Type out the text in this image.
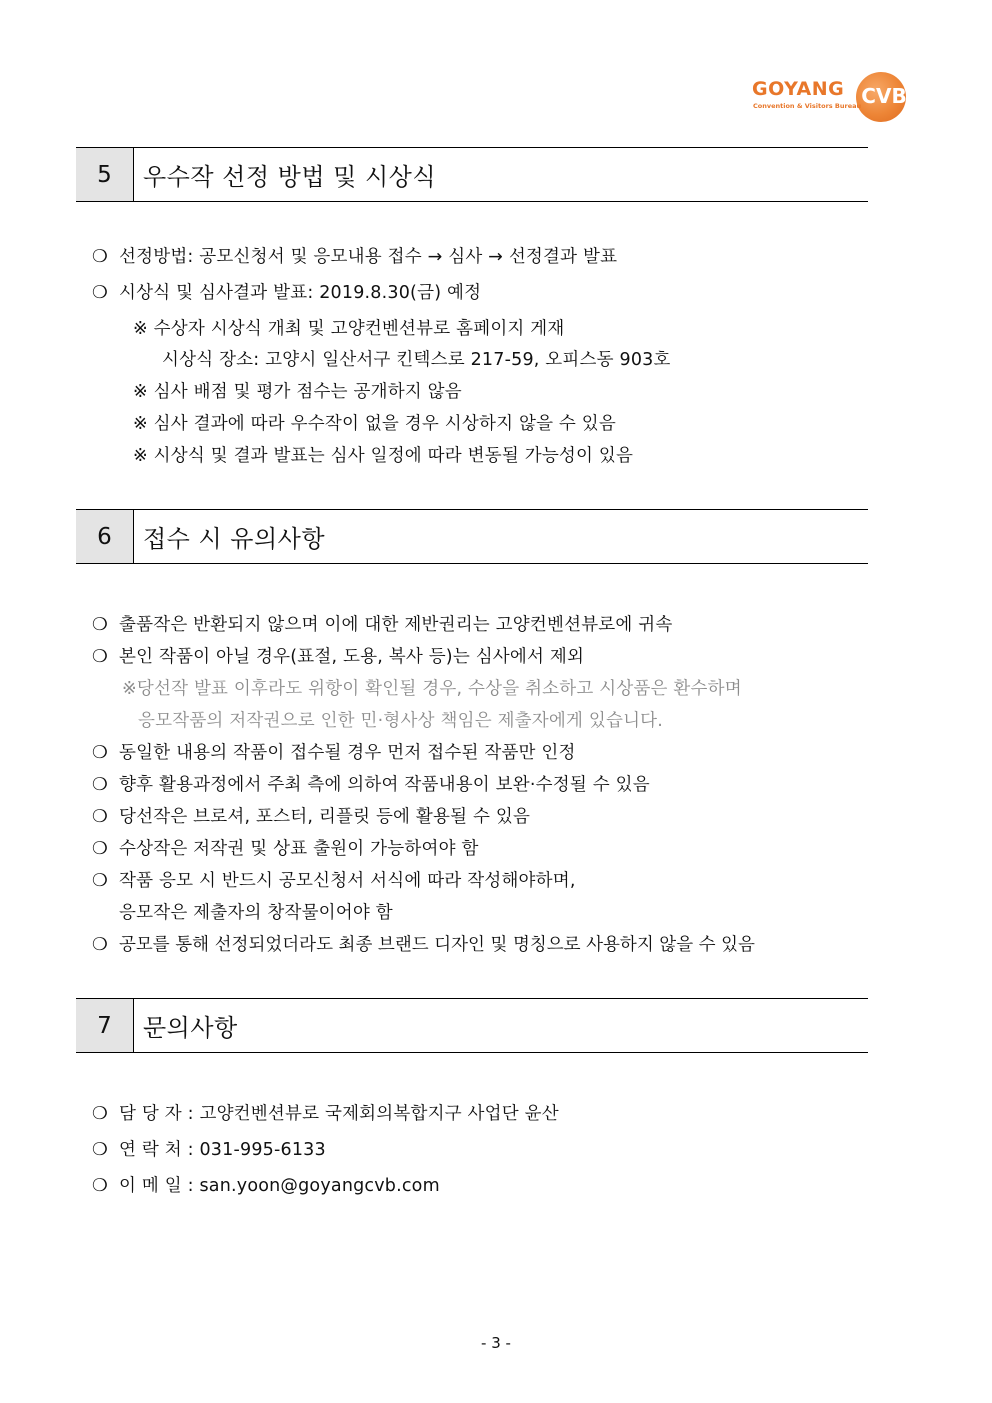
GOYANG
Convention & Visitors Bureau CVB
5	우수작 선정 방법 및 시상식
❍ 선정방법: 공모신청서 및 응모내용 접수 → 심사 → 선정결과 발표
❍ 시상식 및 심사결과 발표: 2019.8.30(금) 예정
※ 수상자 시상식 개최 및 고양컨벤션뷰로 홈페이지 게재
시상식 장소: 고양시 일산서구 킨텍스로 217-59, 오피스동 903호
※ 심사 배점 및 평가 점수는 공개하지 않음
※ 심사 결과에 따라 우수작이 없을 경우 시상하지 않을 수 있음
※ 시상식 및 결과 발표는 심사 일정에 따라 변동될 가능성이 있음
6	접수 시 유의사항
❍ 출품작은 반환되지 않으며 이에 대한 제반권리는 고양컨벤션뷰로에 귀속
❍ 본인 작품이 아닐 경우(표절, 도용, 복사 등)는 심사에서 제외
※당선작 발표 이후라도 위항이 확인될 경우, 수상을 취소하고 시상품은 환수하며
응모작품의 저작권으로 인한 민·형사상 책임은 제출자에게 있습니다.
❍ 동일한 내용의 작품이 접수될 경우 먼저 접수된 작품만 인정
❍ 향후 활용과정에서 주최 측에 의하여 작품내용이 보완·수정될 수 있음
❍ 당선작은 브로셔, 포스터, 리플릿 등에 활용될 수 있음
❍ 수상작은 저작권 및 상표 출원이 가능하여야 함
❍ 작품 응모 시 반드시 공모신청서 서식에 따라 작성해야하며,
응모작은 제출자의 창작물이어야 함
❍ 공모를 통해 선정되었더라도 최종 브랜드 디자인 및 명칭으로 사용하지 않을 수 있음
7	문의사항
❍ 담 당 자 : 고양컨벤션뷰로 국제회의복합지구 사업단 윤산
❍ 연 락 처 : 031-995-6133
❍ 이 메 일 : san.yoon@goyangcvb.com
- 3 -
